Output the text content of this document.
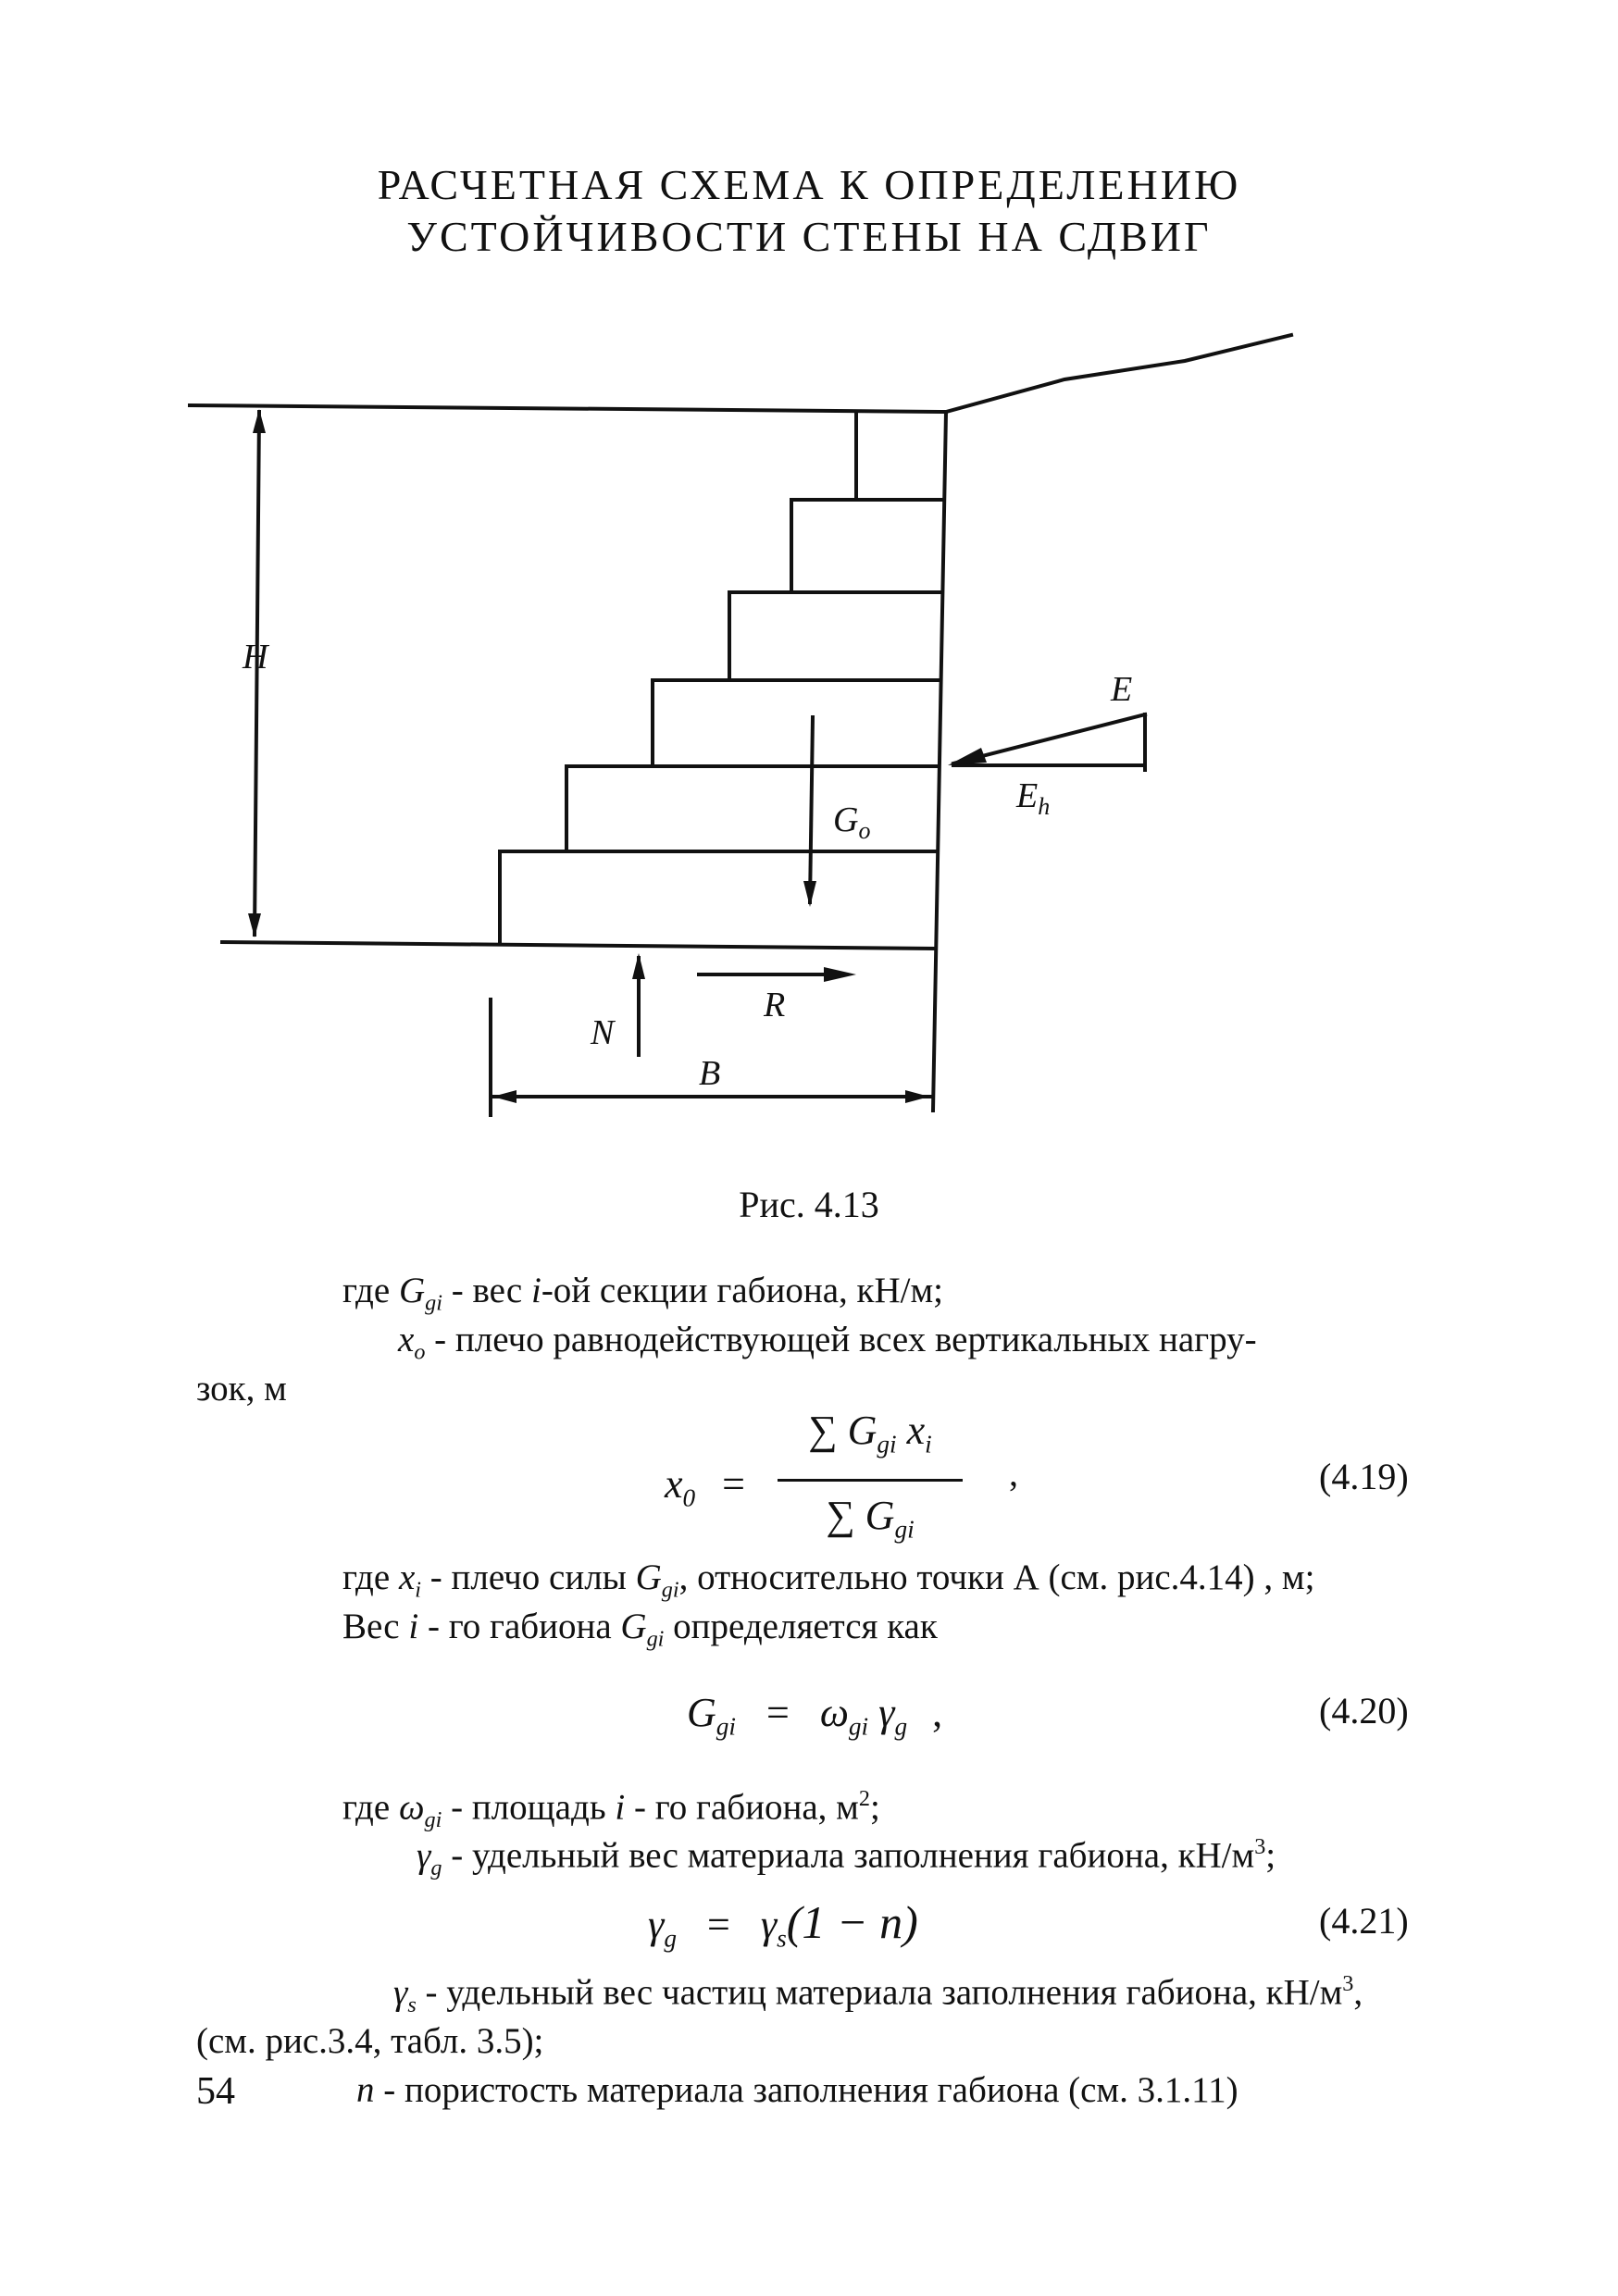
РАСЧЕТНАЯ СХЕМА К ОПРЕДЕЛЕНИЮ
УСТОЙЧИВОСТИ СТЕНЫ НА СДВИГ
H
E
$E_h$
$G_o$
N
R
B
Рис. 4.13
где $G_{gi}$ - вес i-ой секции габиона, кН/м;
$x_o$ - плечо равнодействующей всех вертикальных нагру-
зок, м
$x_0$ =
∑ $G_{gi}$ $x_i$
∑ $G_{gi}$
,	(4.19)
где $x_i$ - плечо силы $G_{gi}$, относительно точки А (см. рис.4.14) , м;
Вес i - го габиона $G_{gi}$ определяется как
$G_{gi} = \omega_{gi}$ $\gamma_g$ ,	(4.20)
где $\omega_{gi}$ - площадь i - го габиона, $м^2$;
$\gamma_g$ - удельный вес материала заполнения габиона, $кН/м^3$;
$\gamma_g = \gamma_s(1 - n)$	(4.21)
$\gamma_s$ - удельный вес частиц материала заполнения габиона, $кН/м^3$,
(см. рис.3.4, табл. 3.5);
n - пористость материала заполнения габиона (см. 3.1.11)
54
